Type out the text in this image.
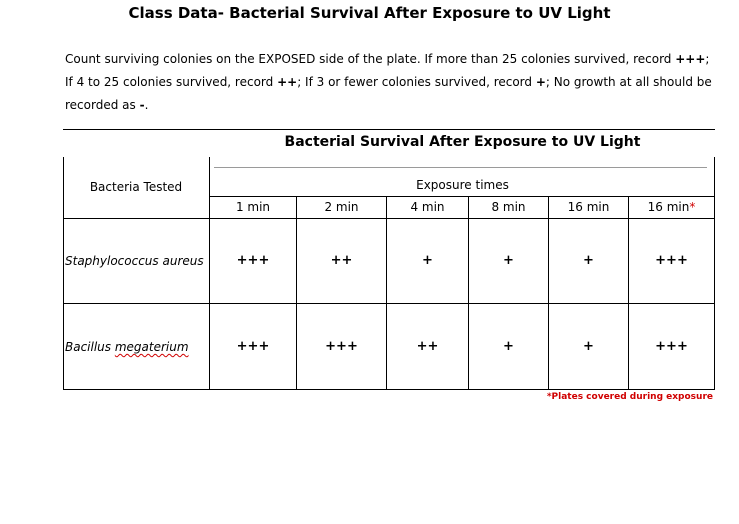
Class Data- Bacterial Survival After Exposure to UV Light
Count surviving colonies on the EXPOSED side of the plate. If more than 25 colonies survived, record +++; If 4 to 25 colonies survived, record ++; If 3 or fewer colonies survived, record +; No growth at all should be recorded as -.
Bacterial Survival After Exposure to UV Light
Bacteria Tested	Exposure times
1 min	2 min	4 min	8 min	16 min	16 min*
Staphylococcus aureus	+++	++	+	+	+	+++
Bacillus megaterium	+++	+++	++	+	+	+++
*Plates covered during exposure
